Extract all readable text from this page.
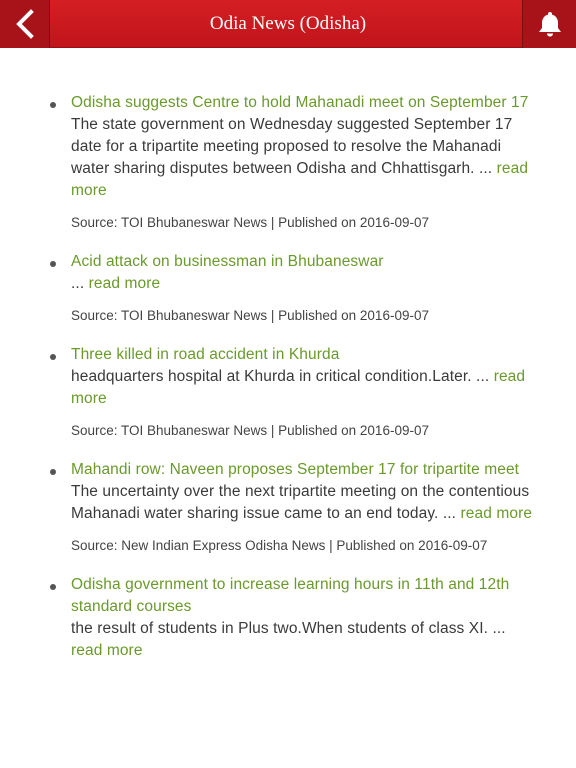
Odia News (Odisha)
Odisha suggests Centre to hold Mahanadi meet on September 17
The state government on Wednesday suggested September 17 date for a tripartite meeting proposed to resolve the Mahanadi water sharing disputes between Odisha and Chhattisgarh. ... read more
Source: TOI Bhubaneswar News | Published on 2016-09-07
Acid attack on businessman in Bhubaneswar
... read more
Source: TOI Bhubaneswar News | Published on 2016-09-07
Three killed in road accident in Khurda
headquarters hospital at Khurda in critical condition.Later. ... read more
Source: TOI Bhubaneswar News | Published on 2016-09-07
Mahandi row: Naveen proposes September 17 for tripartite meet
The uncertainty over the next tripartite meeting on the contentious Mahanadi water sharing issue came to an end today. ... read more
Source: New Indian Express Odisha News | Published on 2016-09-07
Odisha government to increase learning hours in 11th and 12th standard courses
the result of students in Plus two.When students of class XI. ... read more
